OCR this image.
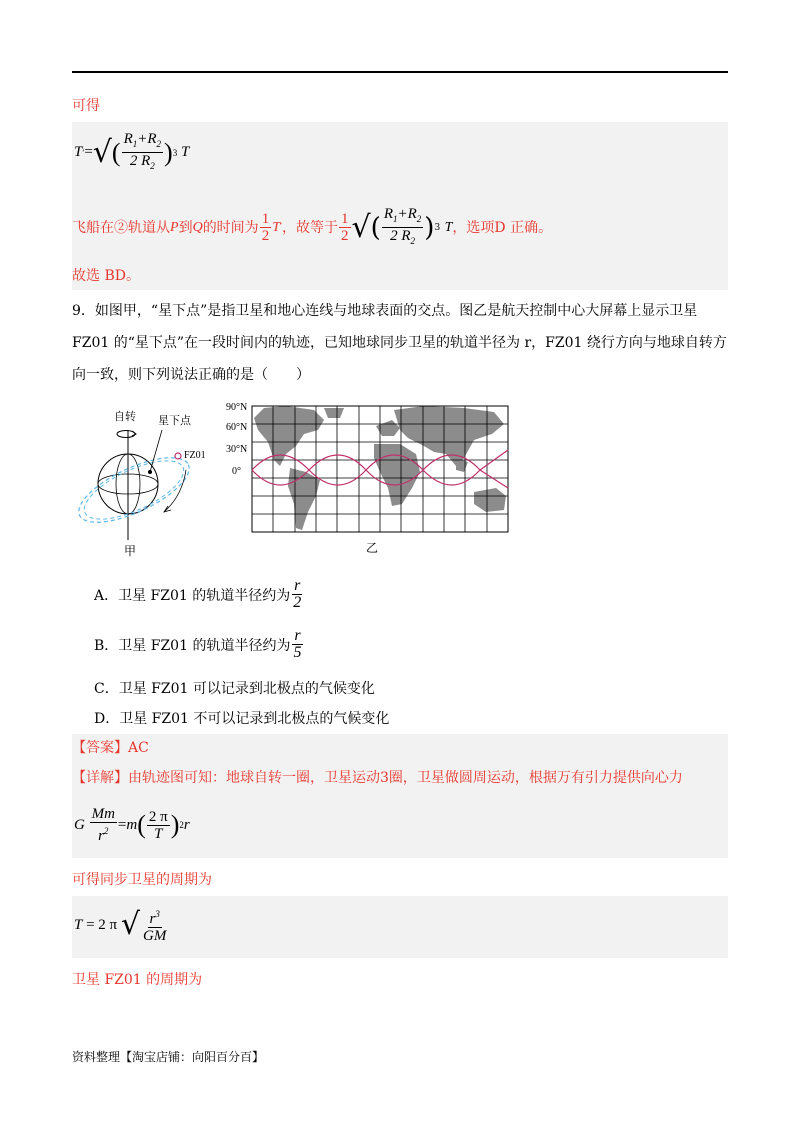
可得
T ′ = √ ( $\frac{R_1+R_2}{2 R_2}$ ) 3
T
飞船在②轨道从 P 到 Q 的时间为 $\frac{1}{2}$ T ′ ，故等于 $\frac{1}{2}$ √ ( $\frac{R_1+R_2}{2 R_2}$ ) 3
T ，选项D 正确。
故选 BD。
9．如图甲，“星下点”是指卫星和地心连线与地球表面的交点。图乙是航天控制中心大屏幕上显示卫星
FZ01 的“星下点”在一段时间内的轨迹，已知地球同步卫星的轨道半径为 r，FZ01 绕行方向与地球自转方
向一致，则下列说法正确的是（　　）
自转 星下点
FZ01
甲
90°N
60°N
30°N
0°
乙
A．卫星 FZ01 的轨道半径约为 $\frac{r}{2}$
B．卫星 FZ01 的轨道半径约为 $\frac{r}{5}$
C．卫星 FZ01 可以记录到北极点的气候变化
D．卫星 FZ01 不可以记录到北极点的气候变化
【答案】AC
【详解】由轨迹图可知：地球自转一圈，卫星运动3圈，卫星做圆周运动，根据万有引力提供向心力
G
$\frac{Mm}{r^2} = m$ ( $\frac{2 \pi}{T}$ ) 2 r
可得同步卫星的周期为
T = 2 π √ $\frac{r^3}{GM}$
卫星 FZ01 的周期为
资料整理【淘宝店铺：向阳百分百】
